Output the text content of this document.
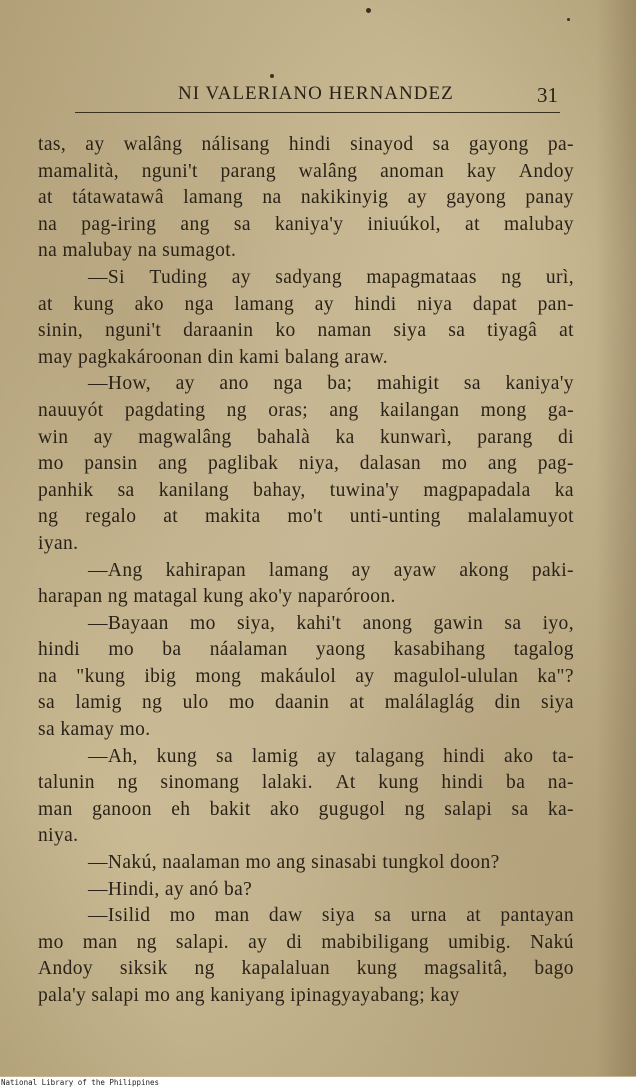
NI VALERIANO HERNANDEZ	31
tas, ay walâng nálisang hindi sinayod sa gayong pa-
mamalità, nguni't parang walâng anoman kay Andoy
at tátawatawâ lamang na nakikinyig ay gayong panay
na pag-iring ang sa kaniya'y iniuúkol, at malubay
na malubay na sumagot.
—Si Tuding ay sadyang mapagmataas ng urì,
at kung ako nga lamang ay hindi niya dapat pan-
sinin, nguni't daraanin ko naman siya sa tiyagâ at
may pagkakároonan din kami balang araw.
—How, ay ano nga ba; mahigit sa kaniya'y
nauuyót pagdating ng oras; ang kailangan mong ga-
win ay magwalâng bahalà ka kunwarì, parang di
mo pansin ang paglibak niya, dalasan mo ang pag-
panhik sa kanilang bahay, tuwina'y magpapadala ka
ng regalo at makita mo't unti-unting malalamuyot
iyan.
—Ang kahirapan lamang ay ayaw akong paki-
harapan ng matagal kung ako'y naparóroon.
—Bayaan mo siya, kahi't anong gawin sa iyo,
hindi mo ba náalaman yaong kasabihang tagalog
na "kung ibig mong makáulol ay magulol-ululan ka"?
sa lamig ng ulo mo daanin at malálaglág din siya
sa kamay mo.
—Ah, kung sa lamig ay talagang hindi ako ta-
talunin ng sinomang lalaki. At kung hindi ba na-
man ganoon eh bakit ako gugugol ng salapi sa ka-
niya.
—Nakú, naalaman mo ang sinasabi tungkol doon?
—Hindi, ay anó ba?
—Isilid mo man daw siya sa urna at pantayan
mo man ng salapi. ay di mabibiligang umibig. Nakú
Andoy siksik ng kapalaluan kung magsalitâ, bago
pala'y salapi mo ang kaniyang ipinagyayabang; kay
National Library of the Philippines
